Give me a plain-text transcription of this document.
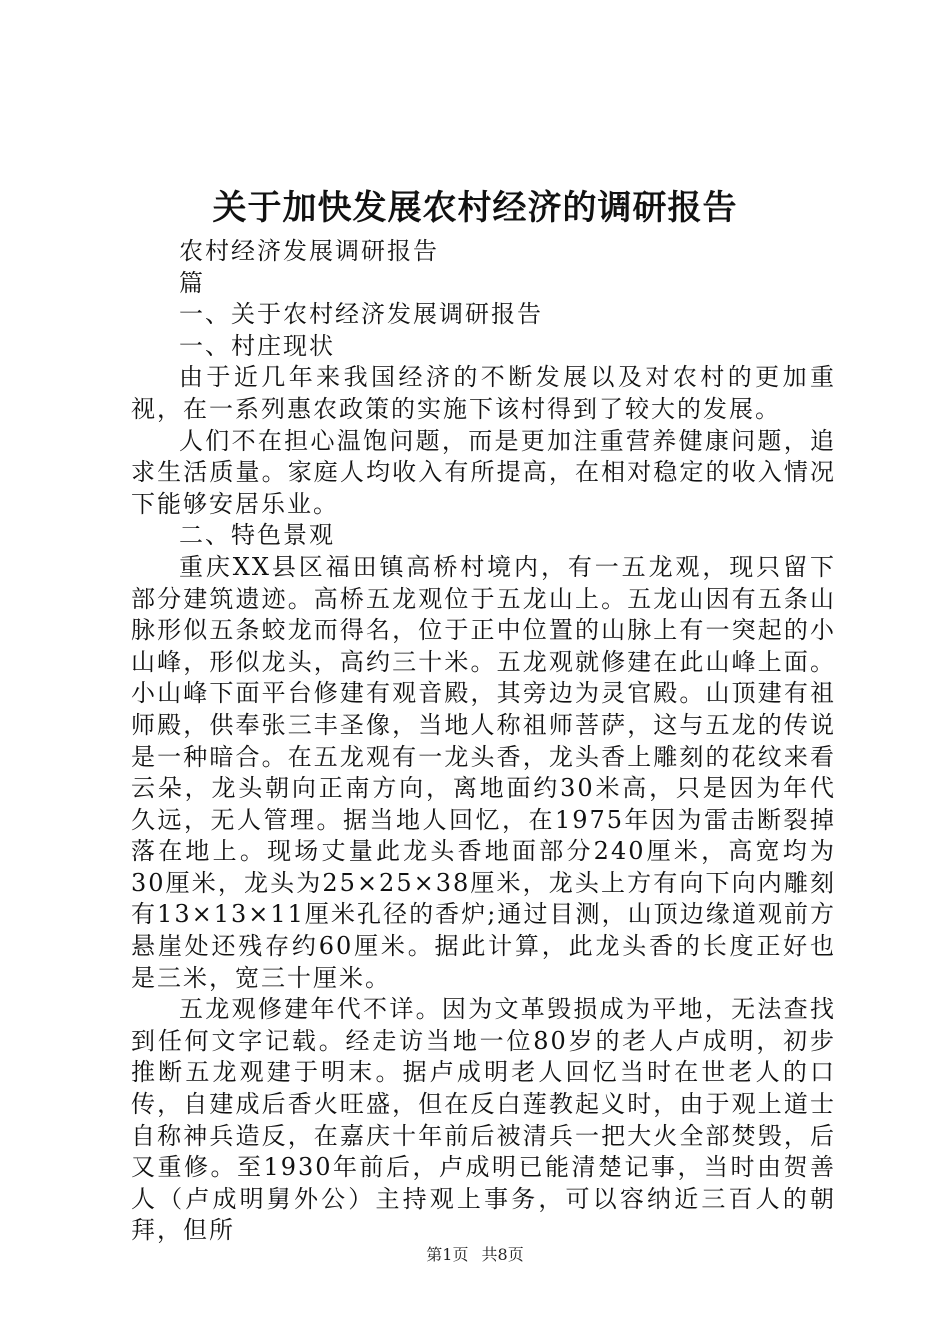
关于加快发展农村经济的调研报告

农村经济发展调研报告

篇

一、关于农村经济发展调研报告

一、村庄现状

由于近几年来我国经济的不断发展以及对农村的更加重视，在一系列惠农政策的实施下该村得到了较大的发展。

人们不在担心温饱问题，而是更加注重营养健康问题，追求生活质量。家庭人均收入有所提高，在相对稳定的收入情况下能够安居乐业。

二、特色景观

重庆XX县区福田镇高桥村境内，有一五龙观，现只留下部分建筑遗迹。高桥五龙观位于五龙山上。五龙山因有五条山脉形似五条蛟龙而得名，位于正中位置的山脉上有一突起的小山峰，形似龙头，高约三十米。五龙观就修建在此山峰上面。小山峰下面平台修建有观音殿，其旁边为灵官殿。山顶建有祖师殿，供奉张三丰圣像，当地人称祖师菩萨，这与五龙的传说是一种暗合。在五龙观有一龙头香，龙头香上雕刻的花纹来看云朵，龙头朝向正南方向，离地面约30米高，只是因为年代久远，无人管理。据当地人回忆，在1975年因为雷击断裂掉落在地上。现场丈量此龙头香地面部分240厘米，高宽均为30厘米，龙头为25×25×38厘米，龙头上方有向下向内雕刻有13×13×11厘米孔径的香炉;通过目测，山顶边缘道观前方悬崖处还残存约60厘米。据此计算，此龙头香的长度正好也是三米，宽三十厘米。

五龙观修建年代不详。因为文革毁损成为平地，无法查找到任何文字记载。经走访当地一位80岁的老人卢成明，初步推断五龙观建于明末。据卢成明老人回忆当时在世老人的口传，自建成后香火旺盛，但在反白莲教起义时，由于观上道士自称神兵造反，在嘉庆十年前后被清兵一把大火全部焚毁，后又重修。至1930年前后，卢成明已能清楚记事，当时由贺善人（卢成明舅外公）主持观上事务，可以容纳近三百人的朝拜，但所

第1页 共8页
